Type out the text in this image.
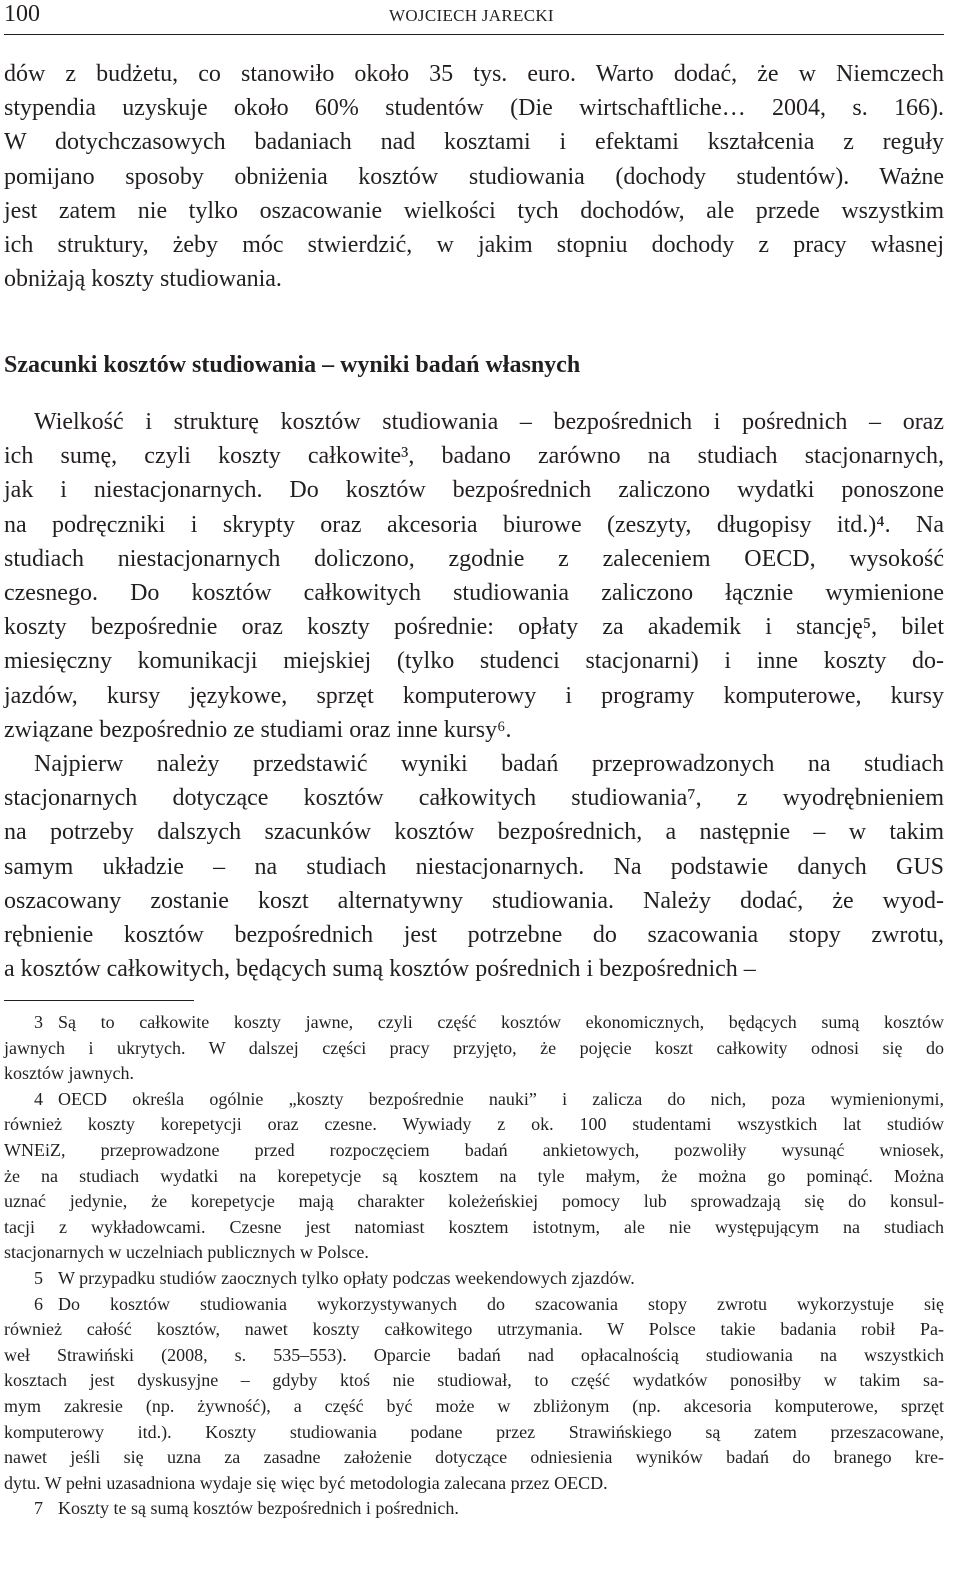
100	WOJCIECH JARECKI
dów z budżetu, co stanowiło około 35 tys. euro. Warto dodać, że w Niemczech
stypendia uzyskuje około 60% studentów (Die wirtschaftliche… 2004, s. 166).
W dotychczasowych badaniach nad kosztami i efektami kształcenia z reguły
pomijano sposoby obniżenia kosztów studiowania (dochody studentów). Ważne
jest zatem nie tylko oszacowanie wielkości tych dochodów, ale przede wszystkim
ich struktury, żeby móc stwierdzić, w jakim stopniu dochody z pracy własnej
obniżają koszty studiowania.
Szacunki kosztów studiowania – wyniki badań własnych
Wielkość i strukturę kosztów studiowania – bezpośrednich i pośrednich – oraz
ich sumę, czyli koszty całkowite³, badano zarówno na studiach stacjonarnych,
jak i niestacjonarnych. Do kosztów bezpośrednich zaliczono wydatki ponoszone
na podręczniki i skrypty oraz akcesoria biurowe (zeszyty, długopisy itd.)⁴. Na
studiach niestacjonarnych doliczono, zgodnie z zaleceniem OECD, wysokość
czesnego. Do kosztów całkowitych studiowania zaliczono łącznie wymienione
koszty bezpośrednie oraz koszty pośrednie: opłaty za akademik i stancję⁵, bilet
miesięczny komunikacji miejskiej (tylko studenci stacjonarni) i inne koszty do-
jazdów, kursy językowe, sprzęt komputerowy i programy komputerowe, kursy
związane bezpośrednio ze studiami oraz inne kursy⁶.
Najpierw należy przedstawić wyniki badań przeprowadzonych na studiach
stacjonarnych dotyczące kosztów całkowitych studiowania⁷, z wyodrębnieniem
na potrzeby dalszych szacunków kosztów bezpośrednich, a następnie – w takim
samym układzie – na studiach niestacjonarnych. Na podstawie danych GUS
oszacowany zostanie koszt alternatywny studiowania. Należy dodać, że wyod-
rębnienie kosztów bezpośrednich jest potrzebne do szacowania stopy zwrotu,
a kosztów całkowitych, będących sumą kosztów pośrednich i bezpośrednich –
3 Są to całkowite koszty jawne, czyli część kosztów ekonomicznych, będących sumą kosztów
jawnych i ukrytych. W dalszej części pracy przyjęto, że pojęcie koszt całkowity odnosi się do
kosztów jawnych.
4 OECD określa ogólnie „koszty bezpośrednie nauki” i zalicza do nich, poza wymienionymi,
również koszty korepetycji oraz czesne. Wywiady z ok. 100 studentami wszystkich lat studiów
WNEiZ, przeprowadzone przed rozpoczęciem badań ankietowych, pozwoliły wysunąć wniosek,
że na studiach wydatki na korepetycje są kosztem na tyle małym, że można go pominąć. Można
uznać jedynie, że korepetycje mają charakter koleżeńskiej pomocy lub sprowadzają się do konsul-
tacji z wykładowcami. Czesne jest natomiast kosztem istotnym, ale nie występującym na studiach
stacjonarnych w uczelniach publicznych w Polsce.
5 W przypadku studiów zaocznych tylko opłaty podczas weekendowych zjazdów.
6 Do kosztów studiowania wykorzystywanych do szacowania stopy zwrotu wykorzystuje się
również całość kosztów, nawet koszty całkowitego utrzymania. W Polsce takie badania robił Pa-
weł Strawiński (2008, s. 535–553). Oparcie badań nad opłacalnością studiowania na wszystkich
kosztach jest dyskusyjne – gdyby ktoś nie studiował, to część wydatków ponosiłby w takim sa-
mym zakresie (np. żywność), a część być może w zbliżonym (np. akcesoria komputerowe, sprzęt
komputerowy itd.). Koszty studiowania podane przez Strawińskiego są zatem przeszacowane,
nawet jeśli się uzna za zasadne założenie dotyczące odniesienia wyników badań do branego kre-
dytu. W pełni uzasadniona wydaje się więc być metodologia zalecana przez OECD.
7 Koszty te są sumą kosztów bezpośrednich i pośrednich.
